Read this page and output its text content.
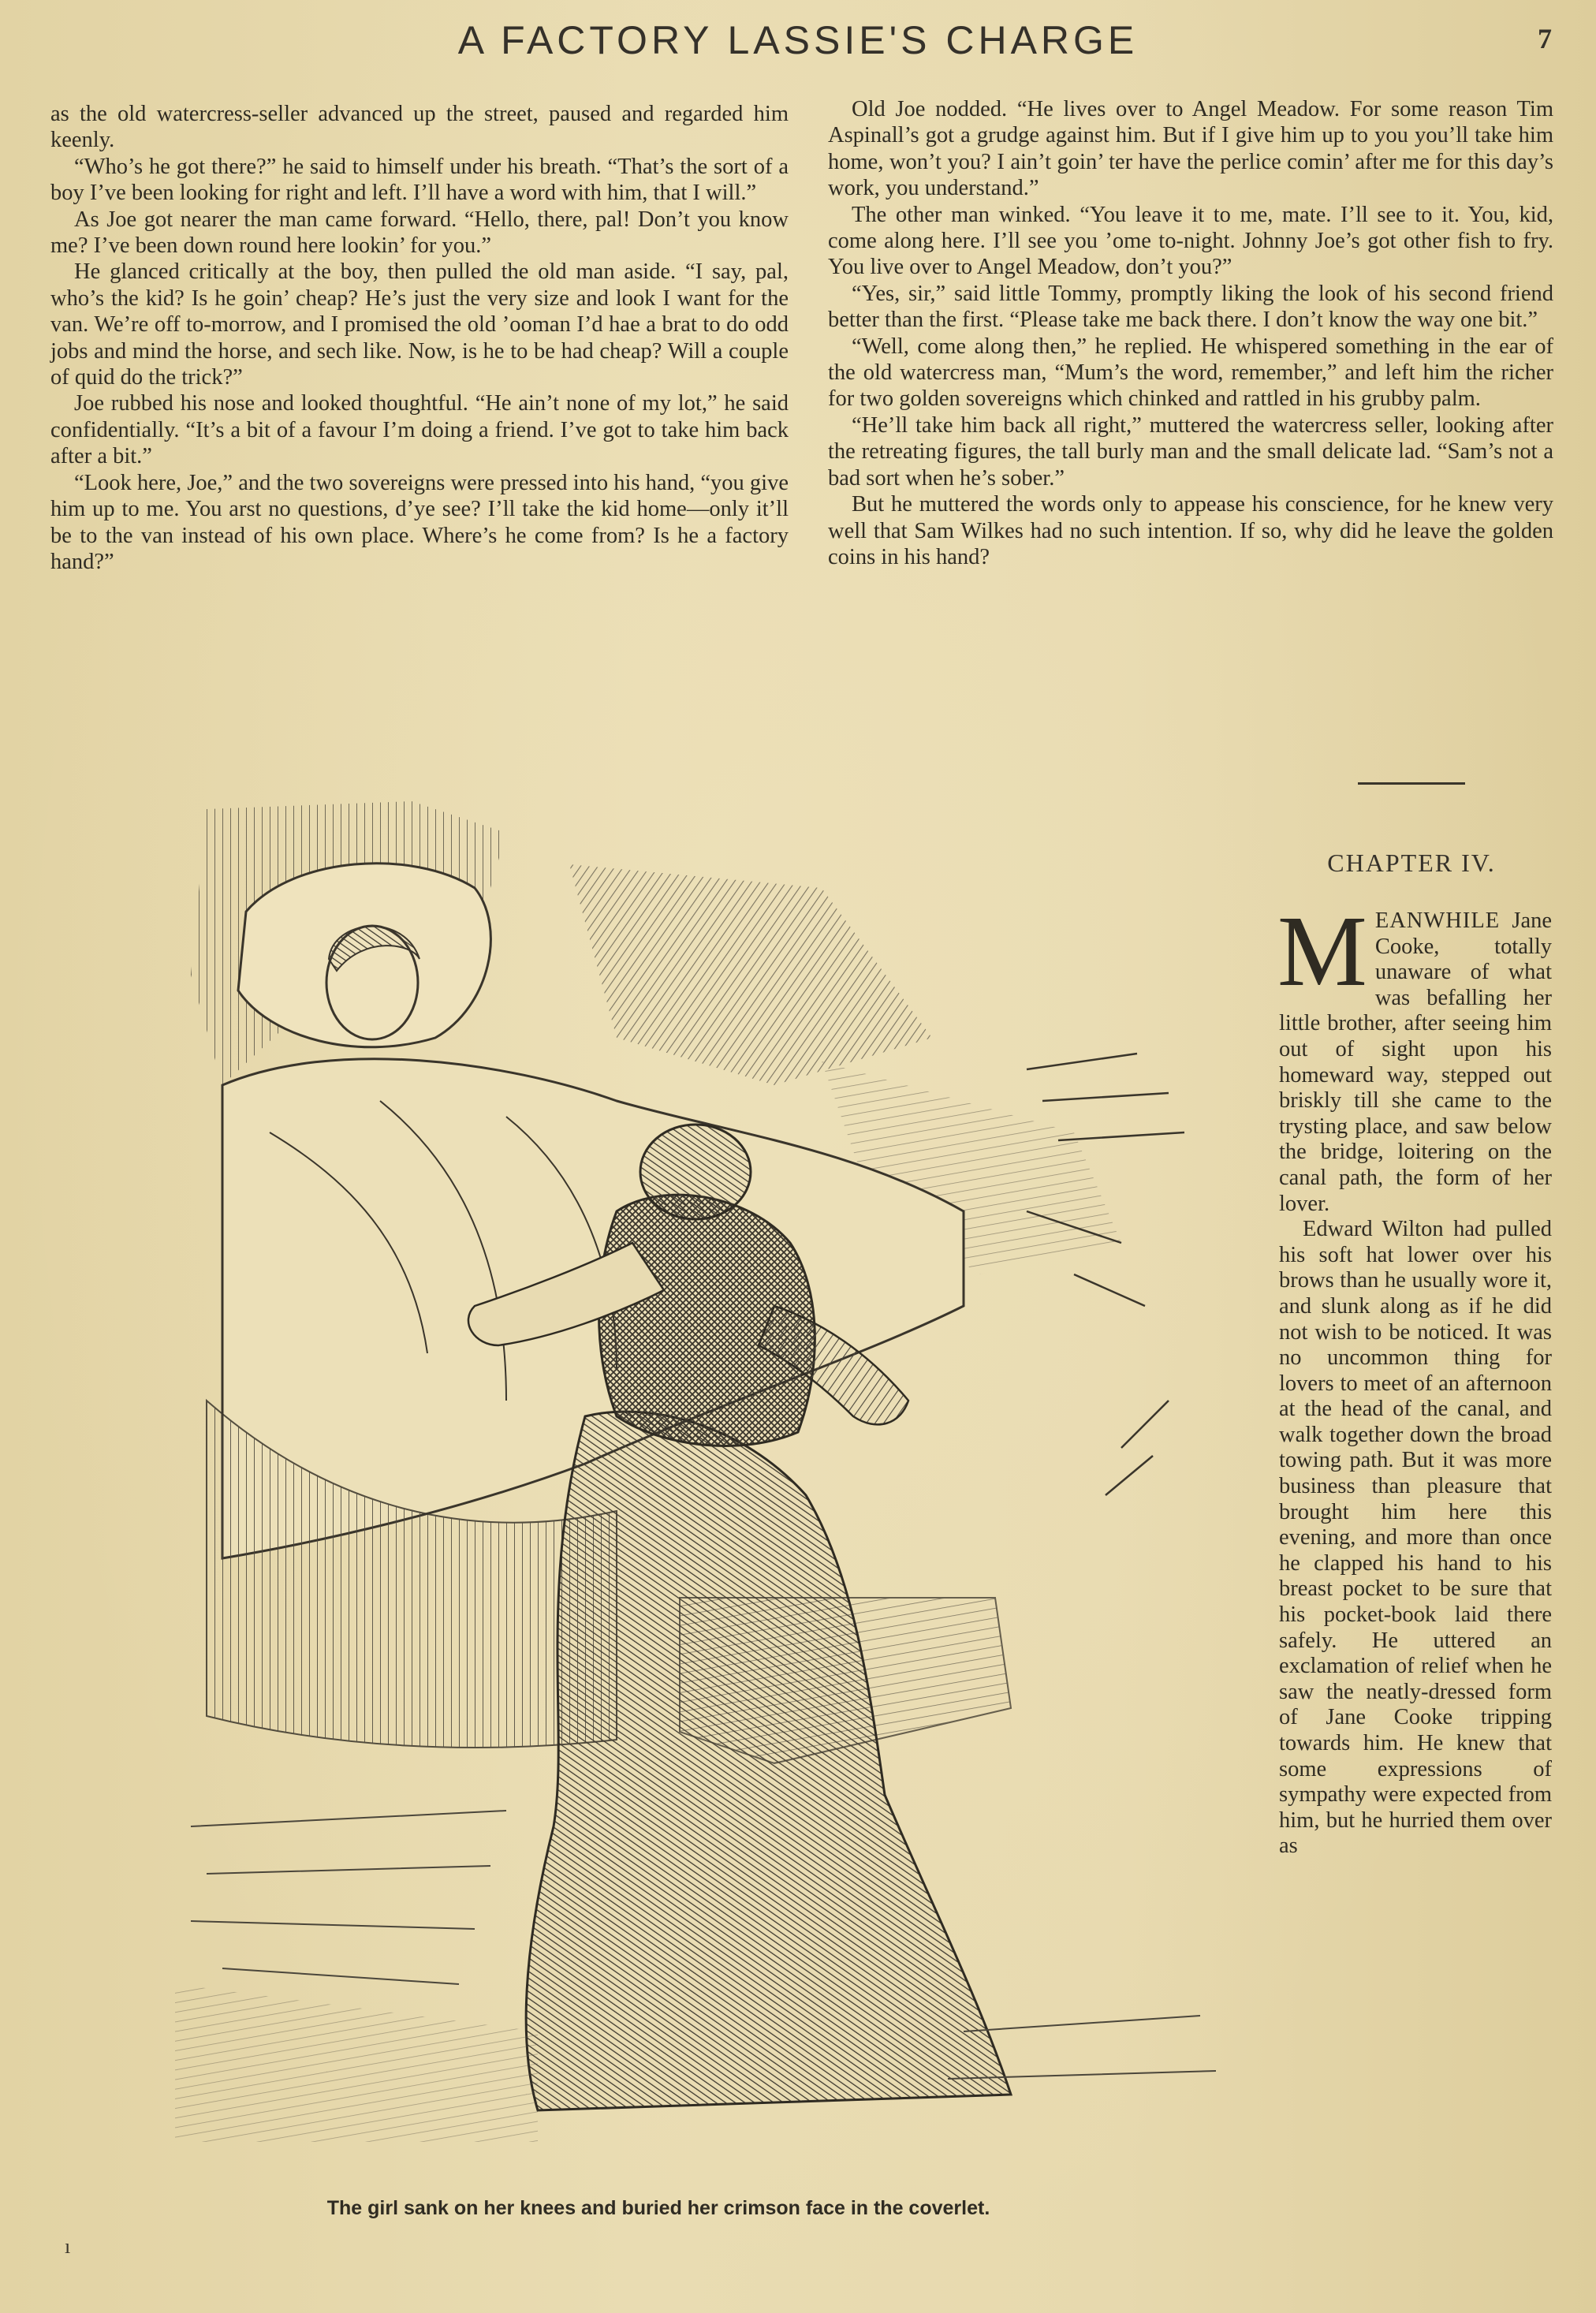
A FACTORY LASSIE'S CHARGE	7

as the old watercress-seller advanced up the street, paused and regarded him keenly.

“Who’s he got there?” he said to himself under his breath. “That’s the sort of a boy I’ve been looking for right and left. I’ll have a word with him, that I will.”

As Joe got nearer the man came forward. “Hello, there, pal! Don’t you know me? I’ve been down round here lookin’ for you.”

He glanced critically at the boy, then pulled the old man aside. “I say, pal, who’s the kid? Is he goin’ cheap? He’s just the very size and look I want for the van. We’re off to-morrow, and I promised the old ’ooman I’d hae a brat to do odd jobs and mind the horse, and sech like. Now, is he to be had cheap? Will a couple of quid do the trick?”

Joe rubbed his nose and looked thoughtful. “He ain’t none of my lot,” he said confidentially. “It’s a bit of a favour I’m doing a friend. I’ve got to take him back after a bit.”

“Look here, Joe,” and the two sovereigns were pressed into his hand, “you give him up to me. You arst no questions, d’ye see? I’ll take the kid home—only it’ll be to the van instead of his own place. Where’s he come from? Is he a factory hand?”

Old Joe nodded. “He lives over to Angel Meadow. For some reason Tim Aspinall’s got a grudge against him. But if I give him up to you you’ll take him home, won’t you? I ain’t goin’ ter have the perlice comin’ after me for this day’s work, you understand.”

The other man winked. “You leave it to me, mate. I’ll see to it. You, kid, come along here. I’ll see you ’ome to-night. Johnny Joe’s got other fish to fry. You live over to Angel Meadow, don’t you?”

“Yes, sir,” said little Tommy, promptly liking the look of his second friend better than the first. “Please take me back there. I don’t know the way one bit.”

“Well, come along then,” he replied. He whispered something in the ear of the old watercress man, “Mum’s the word, remember,” and left him the richer for two golden sovereigns which chinked and rattled in his grubby palm.

“He’ll take him back all right,” muttered the watercress seller, looking after the retreating figures, the tall burly man and the small delicate lad. “Sam’s not a bad sort when he’s sober.”

But he muttered the words only to appease his conscience, for he knew very well that Sam Wilkes had no such intention. If so, why did he leave the golden coins in his hand?

CHAPTER IV.

MEANWHILE Jane Cooke, totally unaware of what was befalling her little brother, after seeing him out of sight upon his homeward way, stepped out briskly till she came to the trysting place, and saw below the bridge, loitering on the canal path, the form of her lover.

Edward Wilton had pulled his soft hat lower over his brows than he usually wore it, and slunk along as if he did not wish to be noticed. It was no uncommon thing for lovers to meet of an afternoon at the head of the canal, and walk together down the broad towing path. But it was more business than pleasure that brought him here this evening, and more than once he clapped his hand to his breast pocket to be sure that his pocket-book laid there safely. He uttered an exclamation of relief when he saw the neatly-dressed form of Jane Cooke tripping towards him. He knew that some expressions of sympathy were expected from him, but he hurried them over as

The girl sank on her knees and buried her crimson face in the coverlet.
ı
